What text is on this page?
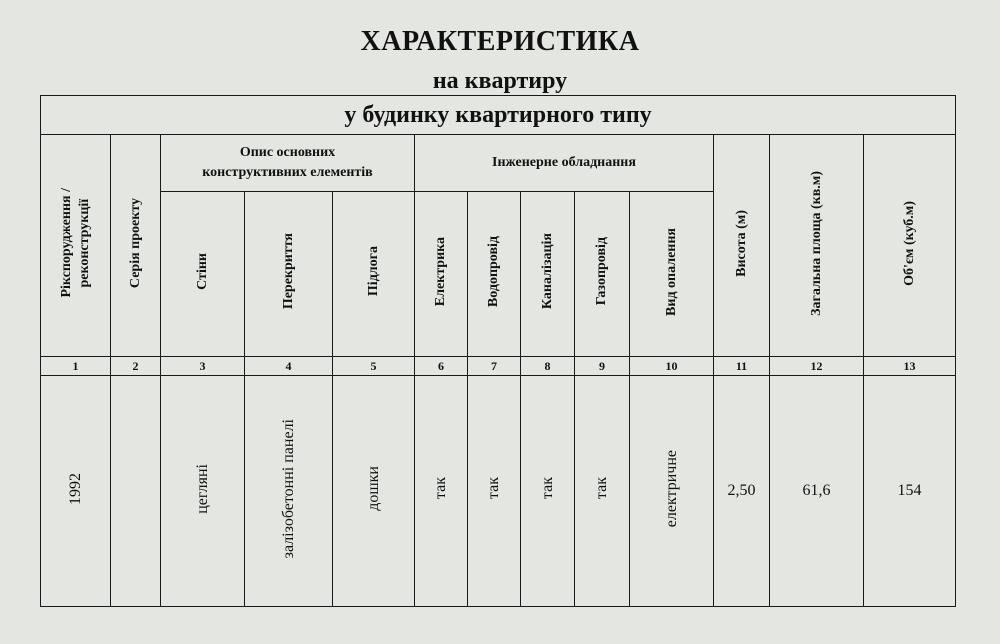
ХАРАКТЕРИСТИКА
на квартиру
у будинку квартирного типу												
Рікспорудження /
реконструкції	Серія проекту	Опис основних
конструктивних елементів			Інженерне обладнання					Висота (м)	Загальна площа (кв.м)	Об'єм (куб.м)
		Стіни	Перекриття	Підлога	Електрика	Водопровід	Каналізація	Газопровід	Вид опалення			
1	2	3	4	5	6	7	8	9	10	11	12	13
1992		цегляні	залізобетонні панелі	дошки	так	так	так	так	електричне	2,50	61,6	154
